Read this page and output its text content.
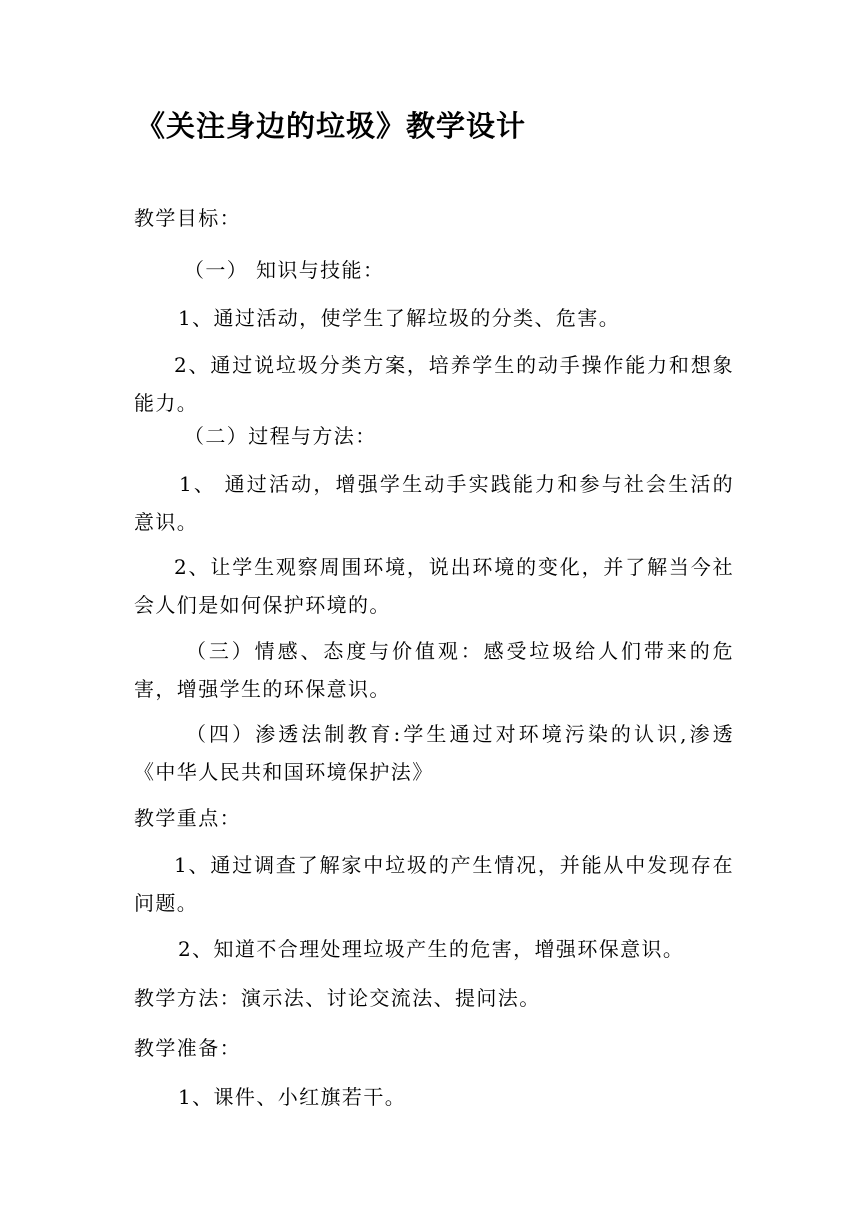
《关注身边的垃圾》教学设计
教学目标：
（一） 知识与技能：
1、通过活动，使学生了解垃圾的分类、危害。
2、通过说垃圾分类方案，培养学生的动手操作能力和想象能力。
（二）过程与方法：
1、 通过活动，增强学生动手实践能力和参与社会生活的意识。
2、让学生观察周围环境，说出环境的变化，并了解当今社会人们是如何保护环境的。
（三）情感、态度与价值观：感受垃圾给人们带来的危害，增强学生的环保意识。
（四）渗透法制教育:学生通过对环境污染的认识,渗透《中华人民共和国环境保护法》
教学重点：
1、通过调查了解家中垃圾的产生情况，并能从中发现存在问题。
2、知道不合理处理垃圾产生的危害，增强环保意识。
教学方法：演示法、讨论交流法、提问法。
教学准备：
1、课件、小红旗若干。
